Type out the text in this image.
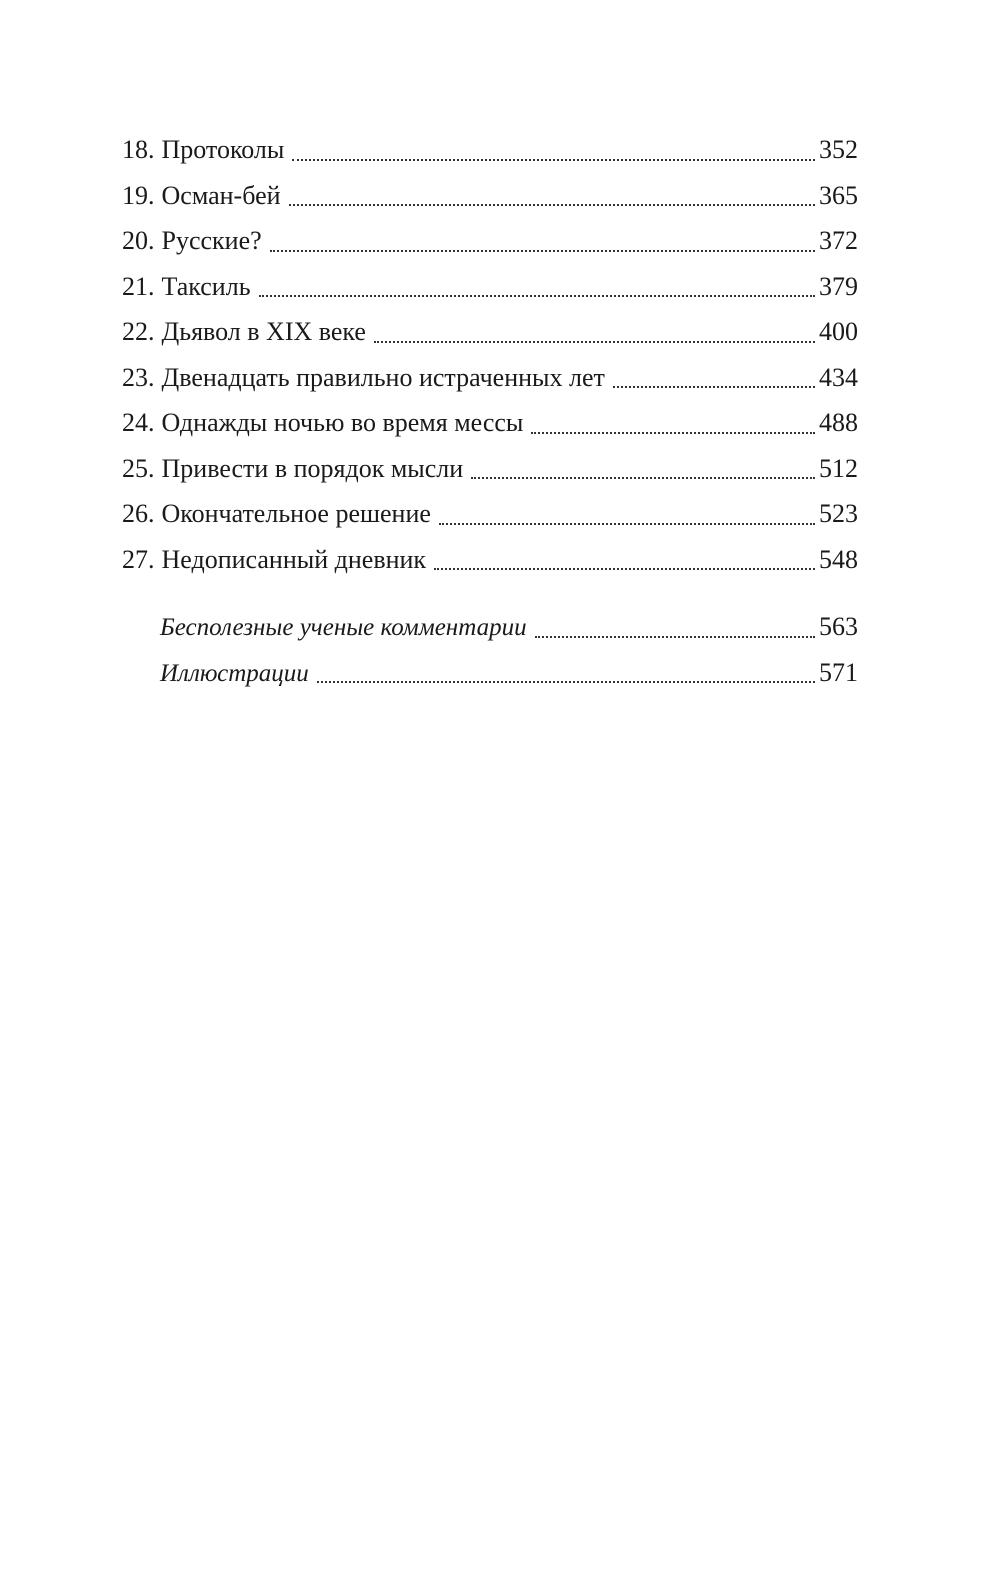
18. Протоколы	352
19. Осман-бей	365
20. Русские?	372
21. Таксиль	379
22. Дьявол в XIX веке	400
23. Двенадцать правильно истраченных лет	434
24. Однажды ночью во время мессы	488
25. Привести в порядок мысли	512
26. Окончательное решение	523
27. Недописанный дневник	548
Бесполезные ученые комментарии	563
Иллюстрации	571
